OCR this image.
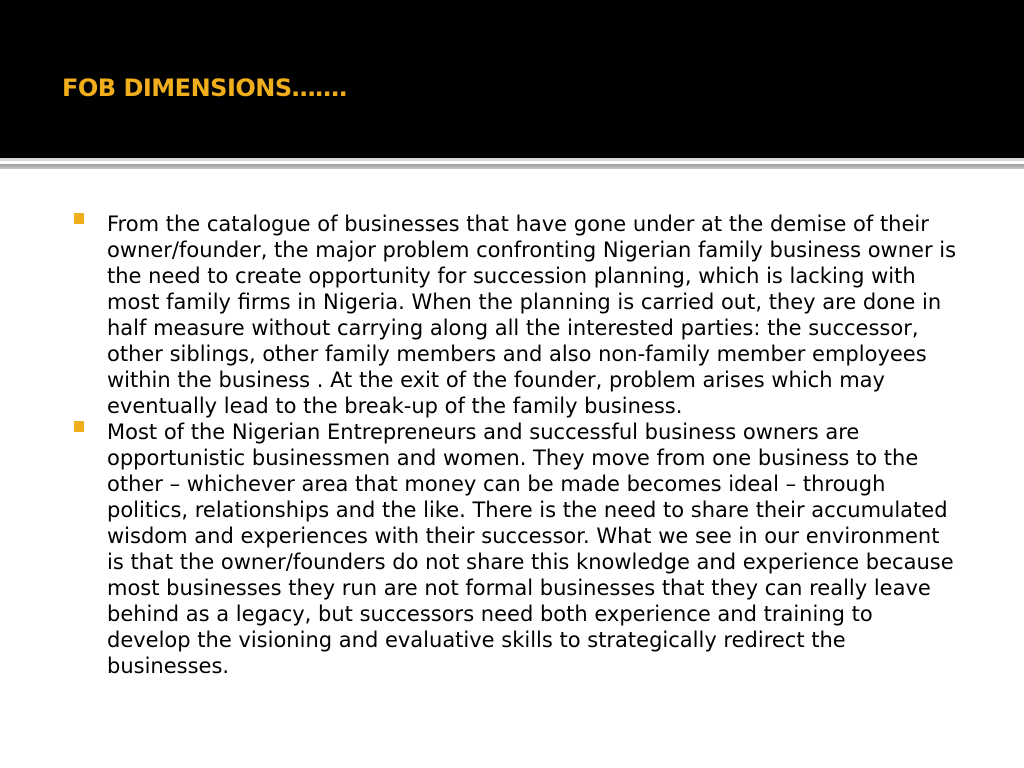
FOB DIMENSIONS…….
From the catalogue of businesses that have gone under at the demise of their owner/founder, the major problem confronting Nigerian family business owner is the need to create opportunity for succession planning, which is lacking with most family firms in Nigeria. When the planning is carried out, they are done in half measure without carrying along all the interested parties: the successor, other siblings, other family members and also non-family member employees within the business . At the exit of the founder, problem arises which may eventually lead to the break-up of the family business.
Most of the Nigerian Entrepreneurs and successful business owners are opportunistic businessmen and women. They move from one business to the other – whichever area that money can be made becomes ideal – through politics, relationships and the like. There is the need to share their accumulated wisdom and experiences with their successor. What we see in our environment is that the owner/founders do not share this knowledge and experience because most businesses they run are not formal businesses that they can really leave behind as a legacy, but successors need both experience and training to develop the visioning and evaluative skills to strategically redirect the businesses.
